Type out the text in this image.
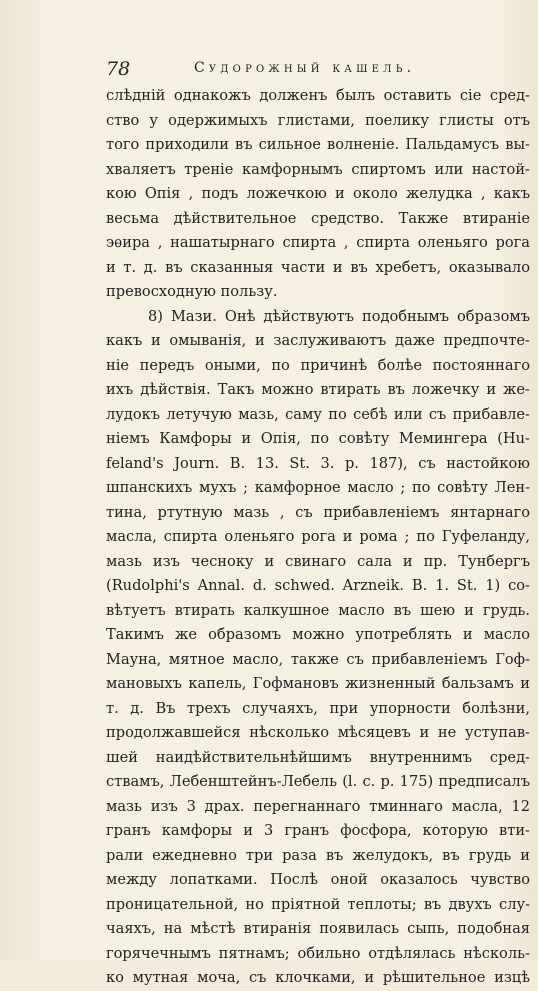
78	Судорожный кашель.
слѣдній однакожъ долженъ былъ оставить сіе сред-
ство у одержимыхъ глистами, поелику глисты отъ
того приходили въ сильное волненіе. Пальдамусъ вы-
хваляетъ треніе камфорнымъ спиртомъ или настой-
кою Опія , подъ ложечкою и около желудка , какъ
весьма дѣйствительное средство. Также втираніе
эѳира , нашатырнаго спирта , спирта оленьяго рога
и т. д. въ сказанныя части и въ хребетъ, оказывало
превосходную пользу.
8) Мази. Онѣ дѣйствуютъ подобнымъ образомъ
какъ и омыванія, и заслуживаютъ даже предпочте-
ніе передъ оными, по причинѣ болѣе постояннаго
ихъ дѣйствія. Такъ можно втирать въ ложечку и же-
лудокъ летучую мазь, саму по себѣ или съ прибавле-
ніемъ Камфоры и Опія, по совѣту Мемингера (Hu-
feland's Journ. B. 13. St. 3. p. 187), съ настойкою
шпанскихъ мухъ ; камфорное масло ; по совѣту Лен-
тина, ртутную мазь , съ прибавленіемъ янтарнаго
масла, спирта оленьяго рога и рома ; по Гуфеланду,
мазь изъ чесноку и свинаго сала и пр. Тунбергъ
(Rudolphi's Annal. d. schwed. Arzneik. B. 1. St. 1) со-
вѣтуетъ втирать калкушное масло въ шею и грудь.
Такимъ же образомъ можно употреблять и масло
Мауна, мятное масло, также съ прибавленіемъ Гоф-
мановыхъ капель, Гофмановъ жизненный бальзамъ и
т. д. Въ трехъ случаяхъ, при упорности болѣзни,
продолжавшейся нѣсколько мѣсяцевъ и не уступав-
шей наидѣйствительнѣйшимъ внутреннимъ сред-
ствамъ, Лебенштейнъ-Лебель (l. c. p. 175) предписалъ
мазь изъ 3 драх. перегнаннаго тминнаго масла, 12
гранъ камфоры и 3 гранъ фосфора, которую вти-
рали ежедневно три раза въ желудокъ, въ грудь и
между лопатками. Послѣ оной оказалось чувство
проницательной, но пріятной теплоты; въ двухъ слу-
чаяхъ, на мѣстѣ втиранія появилась сыпь, подобная
горячечнымъ пятнамъ; обильно отдѣлялась нѣсколь-
ко мутная моча, съ клочками, и рѣшительное изцѣ
